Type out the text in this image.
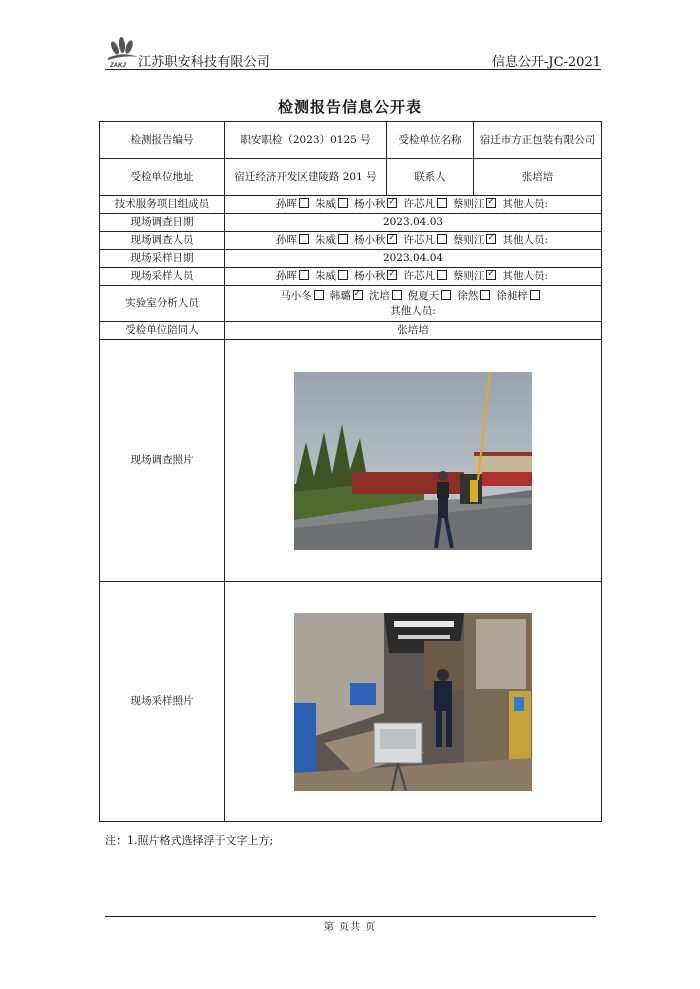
ZAKJ 江苏职安科技有限公司	信息公开-JC-2021
检测报告信息公开表
检测报告编号	职安职检（2023）0125 号	受检单位名称	宿迁市方正包装有限公司
受检单位地址	宿迁经济开发区建陵路 201 号	联系人	张培培
技术服务项目组成员	孙晖 朱威 杨小秋 ✓ 许芯凡 蔡则江 ✓ 其他人员:
现场调查日期	2023.04.03		
现场调查人员	孙晖 朱威 杨小秋 ✓ 许芯凡 蔡则江 ✓ 其他人员:
现场采样日期	2023.04.04		
现场采样人员	孙晖 朱威 杨小秋 ✓ 许芯凡 蔡则江 ✓ 其他人员:
实验室分析人员	马小冬 韩璐 ✓ 沈培 倪夏天 徐然 徐昶梓
其他人员:

受检单位陪同人	张培培		
现场调查照片	

现场采样照片	
注：1.照片格式选择浮于文字上方;
第 页共 页
